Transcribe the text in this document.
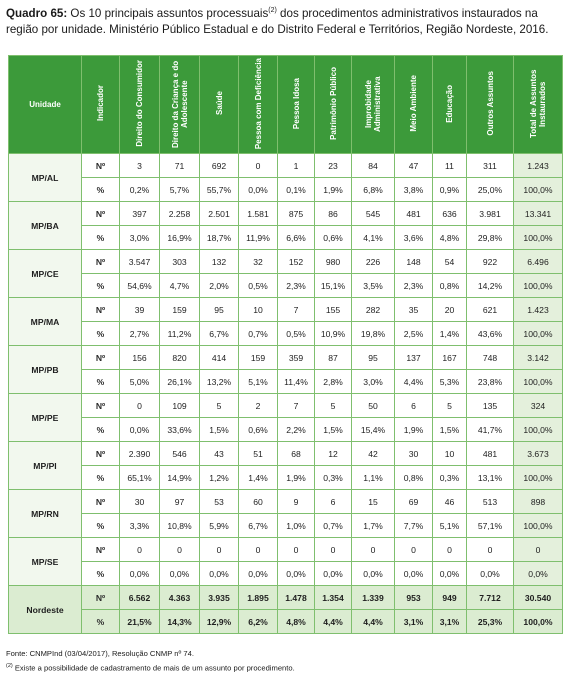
Quadro 65: Os 10 principais assuntos processuais$^{(2)}$ dos procedimentos administrativos instaurados na região por unidade. Ministério Público Estadual e do Distrito Federal e Territórios, Região Nordeste, 2016.
Unidade	Indicador	Direito do Consumidor	Direito da Criança e do Adolescente	Saúde	Pessoa com Deficiência	Pessoa Idosa	Patrimônio Público	Improbidade Administrativa	Meio Ambiente	Educação	Outros Assuntos	Total de Assuntos Instaurados
MP/AL	Nº	3	71	692	0	1	23	84	47	11	311	1.243
	%	0,2%	5,7%	55,7%	0,0%	0,1%	1,9%	6,8%	3,8%	0,9%	25,0%	100,0%
MP/BA	Nº	397	2.258	2.501	1.581	875	86	545	481	636	3.981	13.341
	%	3,0%	16,9%	18,7%	11,9%	6,6%	0,6%	4,1%	3,6%	4,8%	29,8%	100,0%
MP/CE	Nº	3.547	303	132	32	152	980	226	148	54	922	6.496
	%	54,6%	4,7%	2,0%	0,5%	2,3%	15,1%	3,5%	2,3%	0,8%	14,2%	100,0%
MP/MA	Nº	39	159	95	10	7	155	282	35	20	621	1.423
	%	2,7%	11,2%	6,7%	0,7%	0,5%	10,9%	19,8%	2,5%	1,4%	43,6%	100,0%
MP/PB	Nº	156	820	414	159	359	87	95	137	167	748	3.142
	%	5,0%	26,1%	13,2%	5,1%	11,4%	2,8%	3,0%	4,4%	5,3%	23,8%	100,0%
MP/PE	Nº	0	109	5	2	7	5	50	6	5	135	324
	%	0,0%	33,6%	1,5%	0,6%	2,2%	1,5%	15,4%	1,9%	1,5%	41,7%	100,0%
MP/PI	Nº	2.390	546	43	51	68	12	42	30	10	481	3.673
	%	65,1%	14,9%	1,2%	1,4%	1,9%	0,3%	1,1%	0,8%	0,3%	13,1%	100,0%
MP/RN	Nº	30	97	53	60	9	6	15	69	46	513	898
	%	3,3%	10,8%	5,9%	6,7%	1,0%	0,7%	1,7%	7,7%	5,1%	57,1%	100,0%
MP/SE	Nº	0	0	0	0	0	0	0	0	0	0	0
	%	0,0%	0,0%	0,0%	0,0%	0,0%	0,0%	0,0%	0,0%	0,0%	0,0%	0,0%
Nordeste	Nº	6.562	4.363	3.935	1.895	1.478	1.354	1.339	953	949	7.712	30.540
	%	21,5%	14,3%	12,9%	6,2%	4,8%	4,4%	4,4%	3,1%	3,1%	25,3%	100,0%
Fonte: CNMPInd (03/04/2017), Resolução CNMP nº 74.
$^{(2)}$ Existe a possibilidade de cadastramento de mais de um assunto por procedimento.
